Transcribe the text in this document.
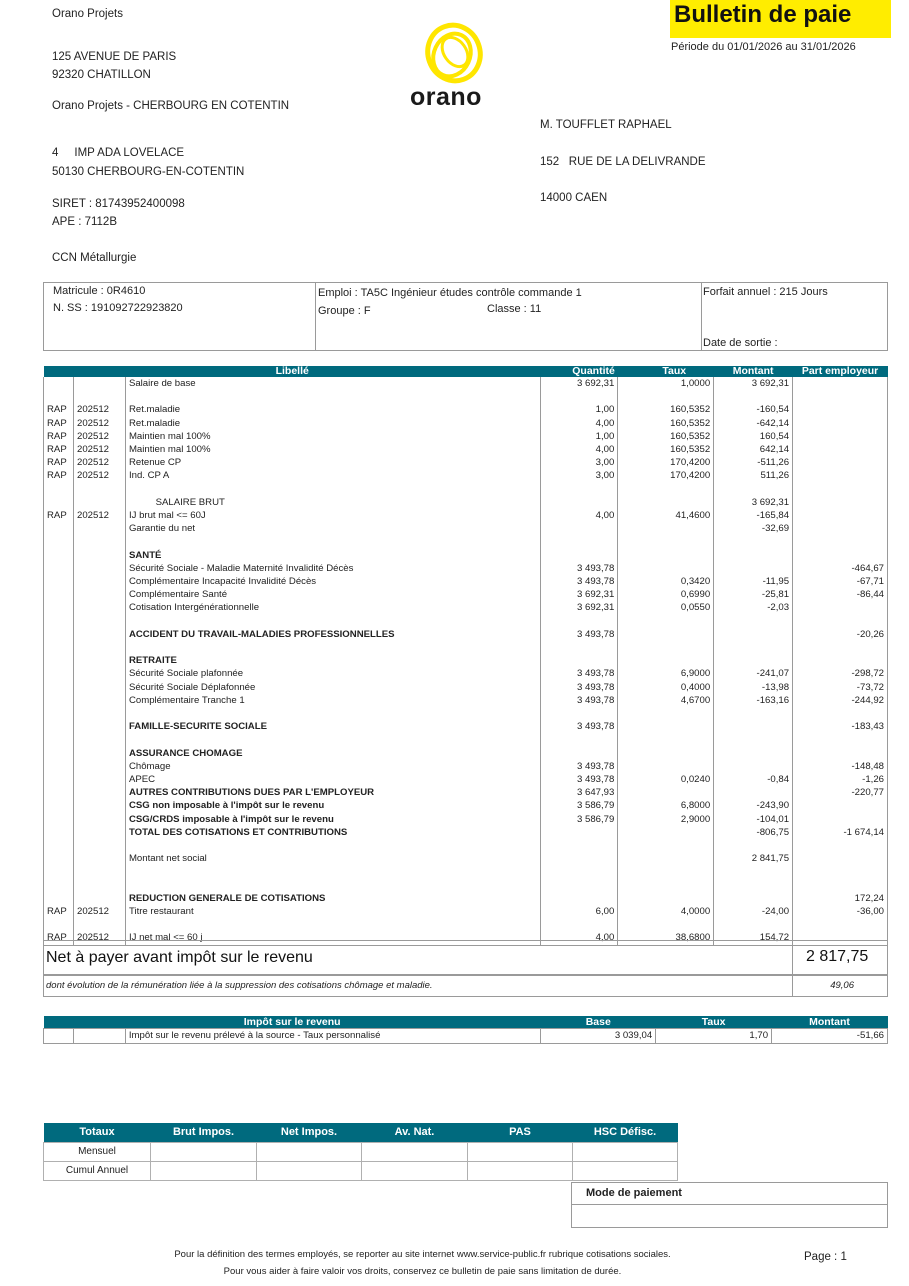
Orano Projets
125 AVENUE DE PARIS
92320 CHATILLON
Orano Projets - CHERBOURG EN COTENTIN
4     IMP ADA LOVELACE
50130 CHERBOURG-EN-COTENTIN
SIRET : 81743952400098
APE : 7112B
CCN Métallurgie
orano
Bulletin de paie
Période du 01/01/2026 au 31/01/2026
M. TOUFFLET RAPHAEL
152   RUE DE LA DELIVRANDE
14000 CAEN
Matricule : 0R4610
N. SS : 191092722923820
Emploi : TA5C Ingénieur études contrôle commande 1
Groupe : F	Classe : 11
Forfait annuel : 215 Jours
Date de sortie :
Libellé			Quantité	Taux	Montant	Part employeur
		Salaire de base	3 692,31	1,0000	3 692,31	

RAP	202512	Ret.maladie	1,00	160,5352	-160,54	
RAP	202512	Ret.maladie	4,00	160,5352	-642,14	
RAP	202512	Maintien mal 100%	1,00	160,5352	160,54	
RAP	202512	Maintien mal 100%	4,00	160,5352	642,14	
RAP	202512	Retenue CP	3,00	170,4200	-511,26	
RAP	202512	Ind. CP A	3,00	170,4200	511,26	

		SALAIRE BRUT			3 692,31	
RAP	202512	IJ brut mal <= 60J	4,00	41,4600	-165,84	
		Garantie du net			-32,69	

		SANTÉ				
		Sécurité Sociale - Maladie Maternité Invalidité Décès	3 493,78			-464,67
		Complémentaire Incapacité Invalidité Décès	3 493,78	0,3420	-11,95	-67,71
		Complémentaire Santé	3 692,31	0,6990	-25,81	-86,44
		Cotisation Intergénérationnelle	3 692,31	0,0550	-2,03	

		ACCIDENT DU TRAVAIL-MALADIES PROFESSIONNELLES	3 493,78			-20,26

		RETRAITE				
		Sécurité Sociale plafonnée	3 493,78	6,9000	-241,07	-298,72
		Sécurité Sociale Déplafonnée	3 493,78	0,4000	-13,98	-73,72
		Complémentaire Tranche 1	3 493,78	4,6700	-163,16	-244,92

		FAMILLE-SECURITE SOCIALE	3 493,78			-183,43

		ASSURANCE CHOMAGE				
		Chômage	3 493,78			-148,48
		APEC	3 493,78	0,0240	-0,84	-1,26
		AUTRES CONTRIBUTIONS DUES PAR L'EMPLOYEUR	3 647,93			-220,77
		CSG non imposable à l'impôt sur le revenu	3 586,79	6,8000	-243,90	
		CSG/CRDS imposable à l'impôt sur le revenu	3 586,79	2,9000	-104,01	
		TOTAL DES COTISATIONS ET CONTRIBUTIONS			-806,75	-1 674,14

		Montant net social			2 841,75	

		REDUCTION GENERALE DE COTISATIONS				172,24
RAP	202512	Titre restaurant	6,00	4,0000	-24,00	-36,00

RAP	202512	IJ net mal <= 60 j	4,00	38,6800	154,72	
Net à payer avant impôt sur le revenu	2 817,75
dont évolution de la rémunération liée à la suppression des cotisations chômage et maladie.	49,06
Impôt sur le revenu			Base	Taux	Montant
		Impôt sur le revenu prélevé à la source - Taux personnalisé	3 039,04	1,70	-51,66
Totaux	Brut Impos.	Net Impos.	Av. Nat.	PAS	HSC Défisc.
Mensuel					
Cumul Annuel					
Mode de paiement
Pour la définition des termes employés, se reporter au site internet www.service-public.fr rubrique cotisations sociales.
Pour vous aider à faire valoir vos droits, conservez ce bulletin de paie sans limitation de durée.
Page : 1
